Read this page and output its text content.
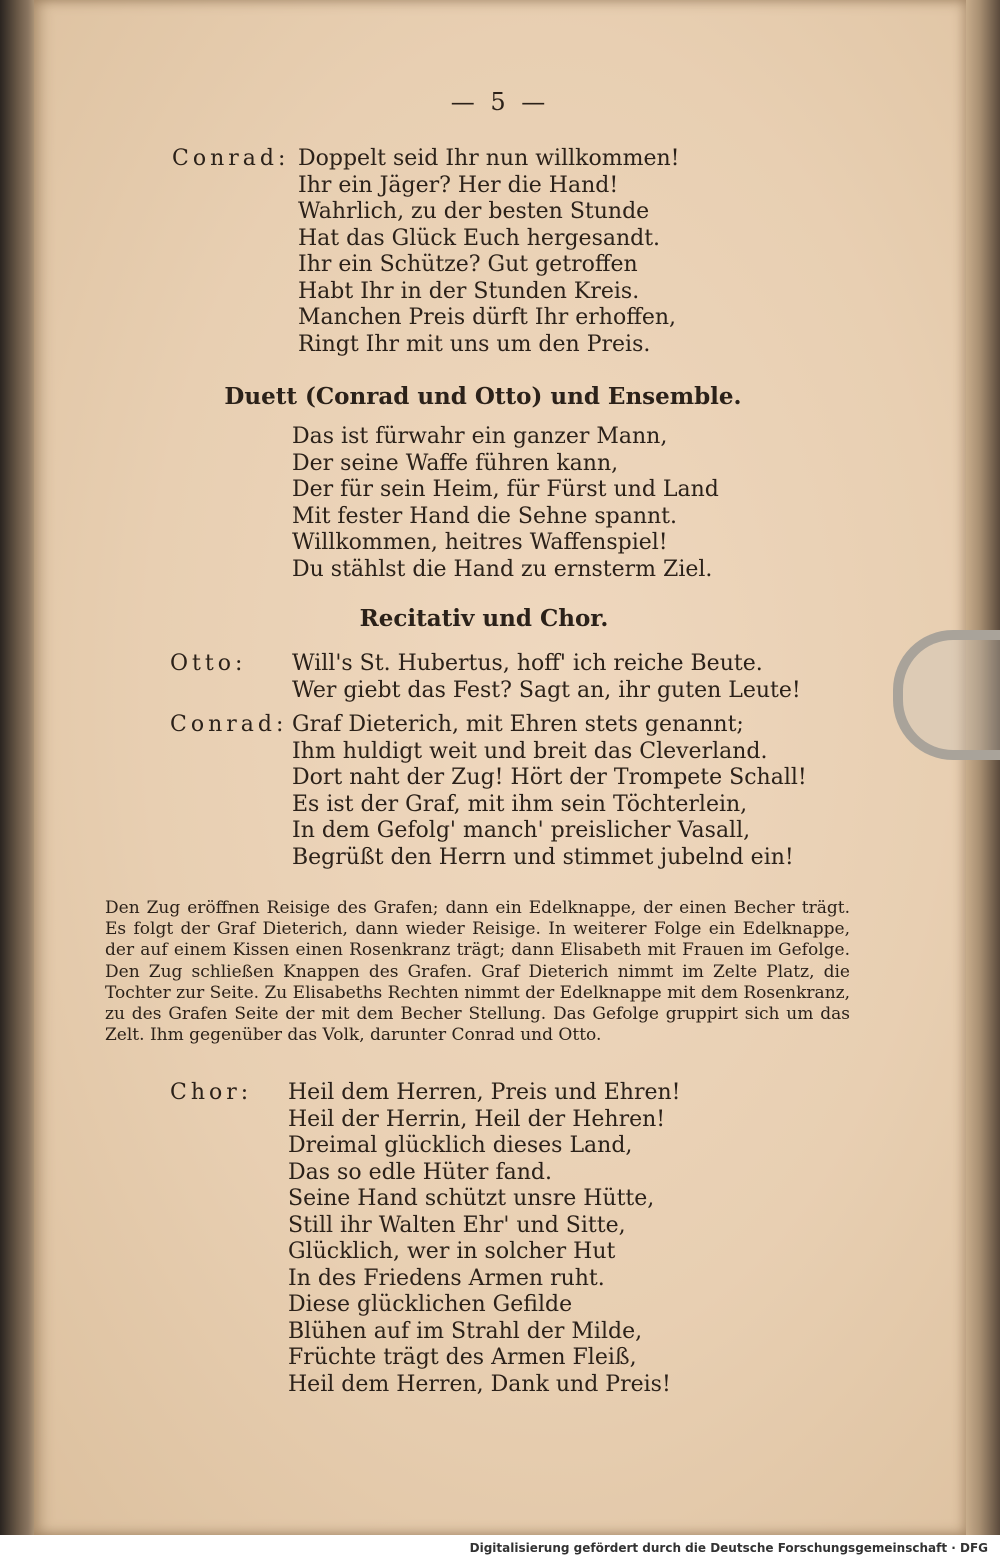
— 5 —
Conrad: Doppelt seid Ihr nun willkommen!
Ihr ein Jäger? Her die Hand!
Wahrlich, zu der besten Stunde
Hat das Glück Euch hergesandt.
Ihr ein Schütze? Gut getroffen
Habt Ihr in der Stunden Kreis.
Manchen Preis dürft Ihr erhoffen,
Ringt Ihr mit uns um den Preis.
Duett (Conrad und Otto) und Ensemble.
Das ist fürwahr ein ganzer Mann,
Der seine Waffe führen kann,
Der für sein Heim, für Fürst und Land
Mit fester Hand die Sehne spannt.
Willkommen, heitres Waffenspiel!
Du stählst die Hand zu ernsterm Ziel.
Recitativ und Chor.
Otto: Will's St. Hubertus, hoff' ich reiche Beute.
Wer giebt das Fest? Sagt an, ihr guten Leute!
Conrad: Graf Dieterich, mit Ehren stets genannt;
Ihm huldigt weit und breit das Cleverland.
Dort naht der Zug! Hört der Trompete Schall!
Es ist der Graf, mit ihm sein Töchterlein,
In dem Gefolg' manch' preislicher Vasall,
Begrüßt den Herrn und stimmet jubelnd ein!
Den Zug eröffnen Reisige des Grafen; dann ein Edelknappe, der einen Becher trägt. Es folgt der Graf Dieterich, dann wieder Reisige. In weiterer Folge ein Edelknappe, der auf einem Kissen einen Rosenkranz trägt; dann Elisabeth mit Frauen im Gefolge. Den Zug schließen Knappen des Grafen. Graf Dieterich nimmt im Zelte Platz, die Tochter zur Seite. Zu Elisabeths Rechten nimmt der Edelknappe mit dem Rosenkranz, zu des Grafen Seite der mit dem Becher Stellung. Das Gefolge gruppirt sich um das Zelt. Ihm gegenüber das Volk, darunter Conrad und Otto.
Chor: Heil dem Herren, Preis und Ehren!
Heil der Herrin, Heil der Hehren!
Dreimal glücklich dieses Land,
Das so edle Hüter fand.
Seine Hand schützt unsre Hütte,
Still ihr Walten Ehr' und Sitte,
Glücklich, wer in solcher Hut
In des Friedens Armen ruht.
Diese glücklichen Gefilde
Blühen auf im Strahl der Milde,
Früchte trägt des Armen Fleiß,
Heil dem Herren, Dank und Preis!
Digitalisierung gefördert durch die Deutsche Forschungsgemeinschaft · DFG
